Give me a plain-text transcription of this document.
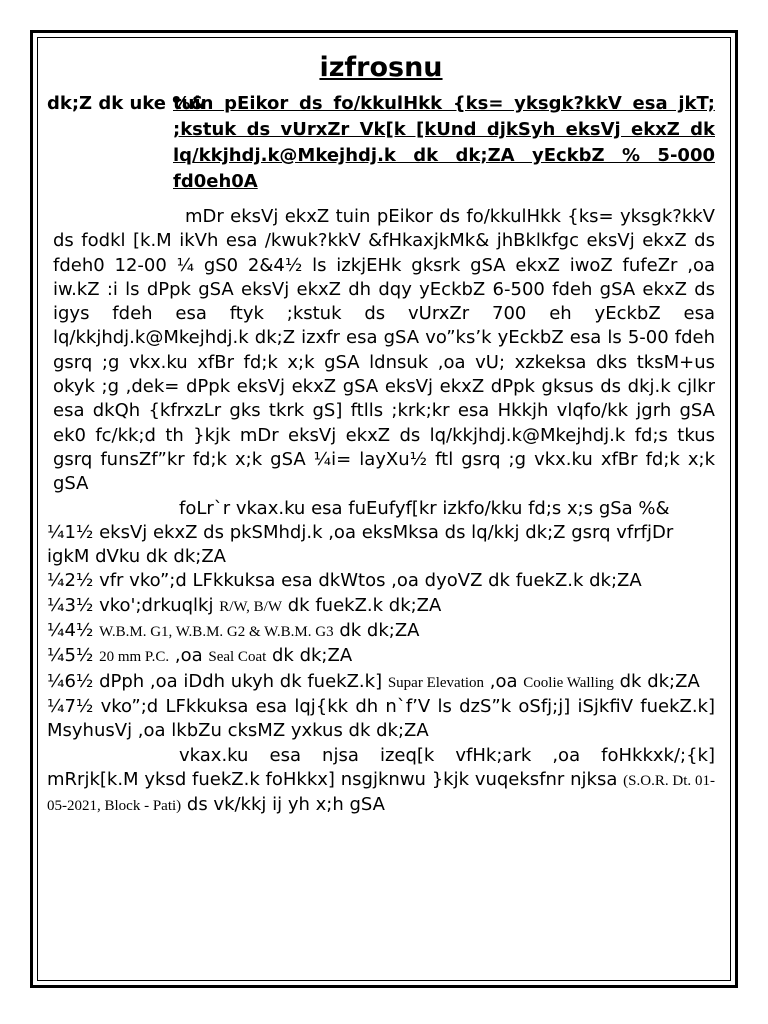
izfrosnu
dk;Z dk uke %&
tuin pEikor ds fo/kkulHkk {ks= yksgk?kkV esa jkT; ;kstuk ds vUrxZr Vk[k [kUnd djkSyh eksVj ekxZ dk lq/kkjhdj.k@Mkejhdj.k dk dk;ZA yEckbZ % 5-000 fd0eh0A

mDr eksVj ekxZ tuin pEikor ds fo/kkulHkk {ks= yksgk?kkV ds fodkl [k.M ikVh esa /kwuk?kkV &fHkaxjkMk& jhBklkfgc eksVj ekxZ ds fdeh0 12-00 ¼ gS0 2&4½ ls izkjEHk gksrk gSA ekxZ iwoZ fufeZr ,oa iw.kZ :i ls dPpk gSA eksVj ekxZ dh dqy yEckbZ 6-500 fdeh gSA ekxZ ds igys fdeh esa ftyk ;kstuk ds vUrxZr 700 eh yEckbZ esa lq/kkjhdj.k@Mkejhdj.k dk;Z izxfr esa gSA vo”ks’k yEckbZ esa ls 5-00 fdeh gsrq ;g vkx.ku xfBr fd;k x;k gSA ldnsuk ,oa vU; xzkeksa dks tksM+us okyk ;g ,dek= dPpk eksVj ekxZ gSA eksVj ekxZ dPpk gksus ds dkj.k cjlkr esa dkQh {kfrxzLr gks tkrk gS] ftlls ;krk;kr esa Hkkjh vlqfo/kk jgrh gSA ek0 fc/kk;d th }kjk mDr eksVj ekxZ ds lq/kkjhdj.k@Mkejhdj.k fd;s tkus gsrq funsZf”kr fd;k x;k gSA ¼i= layXu½ ftl gsrq ;g vkx.ku xfBr fd;k x;k gSA

foLr`r vkax.ku esa fuEufyf[kr izkfo/kku fd;s x;s gSa %&

¼1½ eksVj ekxZ ds pkSMhdj.k ,oa eksMksa ds lq/kkj dk;Z gsrq vfrfjDr igkM dVku dk dk;ZA

¼2½ vfr vko”;d LFkkuksa esa dkWtos ,oa dyoVZ dk fuekZ.k dk;ZA

¼3½ vko';drkuqlkj R/W, B/W dk fuekZ.k dk;ZA

¼4½ W.B.M. G1, W.B.M. G2 & W.B.M. G3 dk dk;ZA

¼5½ 20 mm P.C. ,oa Seal Coat dk dk;ZA

¼6½ dPph ,oa iDdh ukyh dk fuekZ.k] Supar Elevation ,oa Coolie Walling dk dk;ZA

¼7½ vko”;d LFkkuksa esa lqj{kk dh n`f’V ls dzS”k oSfj;j] iSjkfiV fuekZ.k] MsyhusVj ,oa lkbZu cksMZ yxkus dk dk;ZA

vkax.ku esa njsa izeq[k vfHk;ark ,oa foHkkxk/;{k] mRrjk[k.M yksd fuekZ.k foHkkx] nsgjknwu }kjk vuqeksfnr njksa (S.O.R. Dt. 01-05-2021, Block - Pati) ds vk/kkj ij yh x;h gSA
